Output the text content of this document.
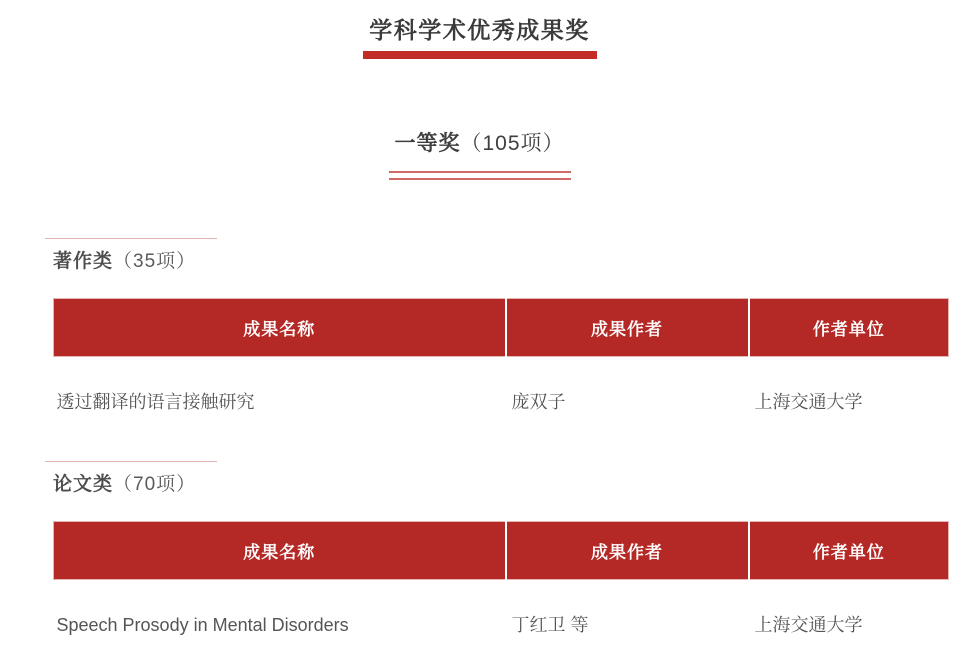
学科学术优秀成果奖
一等奖（105项）
著作类（35项）
成果名称	成果作者	作者单位
透过翻译的语言接触研究	庞双子	上海交通大学
论文类（70项）
成果名称	成果作者	作者单位
Speech Prosody in Mental Disorders	丁红卫 等	上海交通大学
